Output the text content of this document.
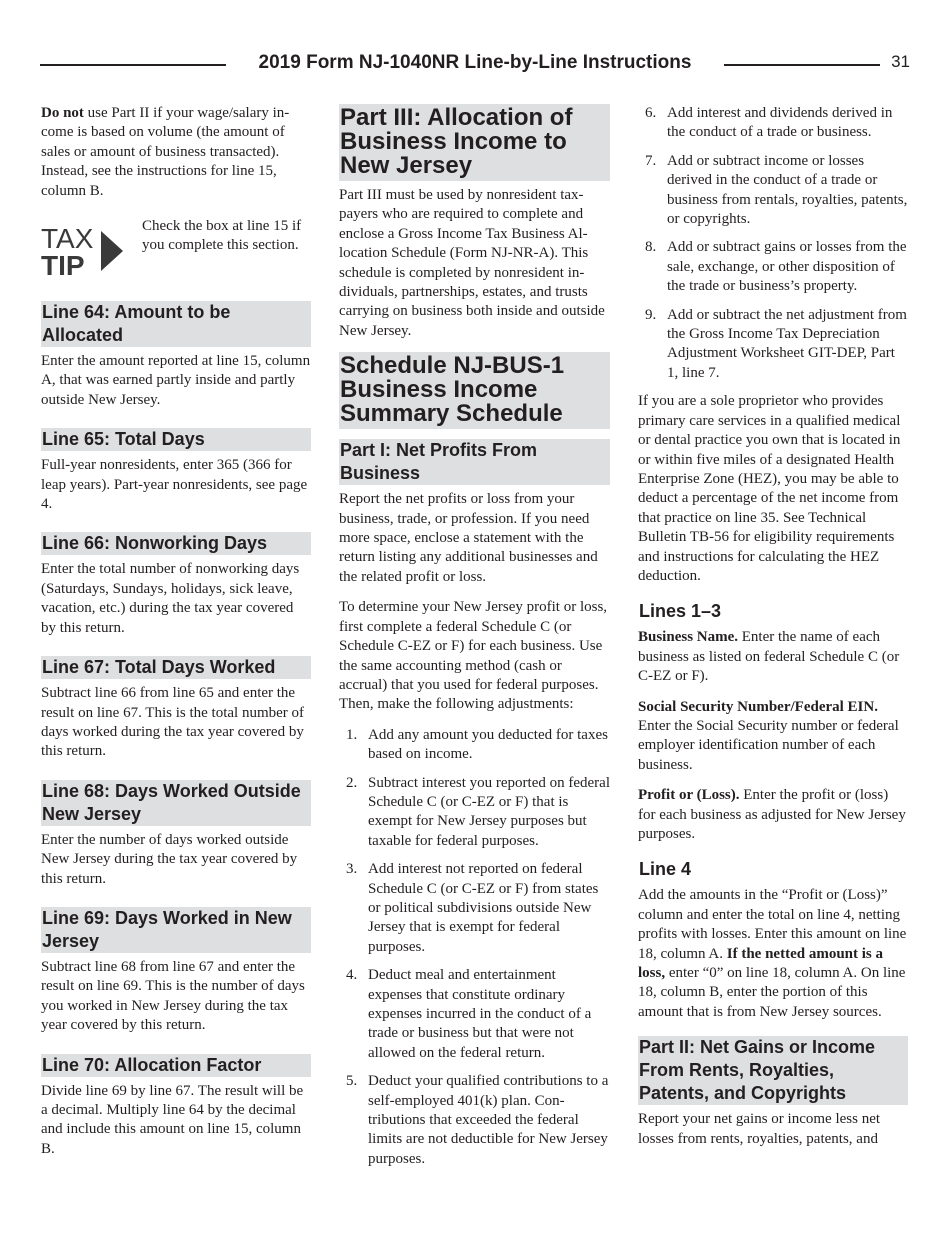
2019 Form NJ-1040NR Line-by-Line Instructions	31

Do not use Part II if your wage/salary income is based on volume (the amount of sales or amount of business transacted). Instead, see the instructions for line 15, column B.

TAX
TIP

Check the box at line 15 if you complete this section.

Line 64: Amount to be Allocated

Enter the amount reported at line 15, column A, that was earned partly inside and partly outside New Jersey.

Line 65: Total Days

Full-year nonresidents, enter 365 (366 for leap years). Part-year nonresidents, see page 4.

Line 66: Nonworking Days

Enter the total number of nonworking days (Saturdays, Sundays, holidays, sick leave, vacation, etc.) during the tax year covered by this return.

Line 67: Total Days Worked

Subtract line 66 from line 65 and enter the result on line 67. This is the total number of days worked during the tax year covered by this return.

Line 68: Days Worked Outside New Jersey

Enter the number of days worked outside New Jersey during the tax year covered by this return.

Line 69: Days Worked in New Jersey

Subtract line 68 from line 67 and enter the result on line 69. This is the number of days you worked in New Jersey during the tax year covered by this return.

Line 70: Allocation Factor

Divide line 69 by line 67. The result will be a decimal. Multiply line 64 by the decimal and include this amount on line 15, column B.

Part III: Allocation of Business Income to New Jersey

Part III must be used by nonresident taxpayers who are required to complete and enclose a Gross Income Tax Business Allocation Schedule (Form NJ-NR-A). This schedule is completed by nonresident individuals, partnerships, estates, and trusts carrying on business both inside and outside New Jersey.

Schedule NJ-BUS-1 Business Income Summary Schedule
Part I: Net Profits From Business

Report the net profits or loss from your business, trade, or profession. If you need more space, enclose a statement with the return listing any additional businesses and the related profit or loss.

To determine your New Jersey profit or loss, first complete a federal Schedule C (or Schedule C-EZ or F) for each business. Use the same accounting method (cash or accrual) that you used for federal purposes. Then, make the following adjustments:

1. Add any amount you deducted for taxes based on income.
2. Subtract interest you reported on federal Schedule C (or C-EZ or F) that is exempt for New Jersey purposes but taxable for federal purposes.
3. Add interest not reported on federal Schedule C (or C-EZ or F) from states or political subdivisions outside New Jersey that is exempt for federal purposes.
4. Deduct meal and entertainment expenses that constitute ordinary expenses incurred in the conduct of a trade or business but that were not allowed on the federal return.
5. Deduct your qualified contributions to a self-employed 401(k) plan. Contributions that exceeded the federal limits are not deductible for New Jersey purposes.
6. Add interest and dividends derived in the conduct of a trade or business.
7. Add or subtract income or losses derived in the conduct of a trade or business from rentals, royalties, patents, or copyrights.
8. Add or subtract gains or losses from the sale, exchange, or other disposition of the trade or business’s property.
9. Add or subtract the net adjustment from the Gross Income Tax Depreciation Adjustment Worksheet GIT-DEP, Part 1, line 7.

If you are a sole proprietor who provides primary care services in a qualified medical or dental practice you own that is located in or within five miles of a designated Health Enterprise Zone (HEZ), you may be able to deduct a percentage of the net income from that practice on line 35. See Technical Bulletin TB-56 for eligibility requirements and instructions for calculating the HEZ deduction.

Lines 1–3

Business Name. Enter the name of each business as listed on federal Schedule C (or C-EZ or F).

Social Security Number/Federal EIN. Enter the Social Security number or federal employer identification number of each business.

Profit or (Loss). Enter the profit or (loss) for each business as adjusted for New Jersey purposes.

Line 4

Add the amounts in the “Profit or (Loss)” column and enter the total on line 4, netting profits with losses. Enter this amount on line 18, column A. If the netted amount is a loss, enter “0” on line 18, column A. On line 18, column B, enter the portion of this amount that is from New Jersey sources.

Part II: Net Gains or Income From Rents, Royalties, Patents, and Copyrights

Report your net gains or income less net losses from rents, royalties, patents, and
